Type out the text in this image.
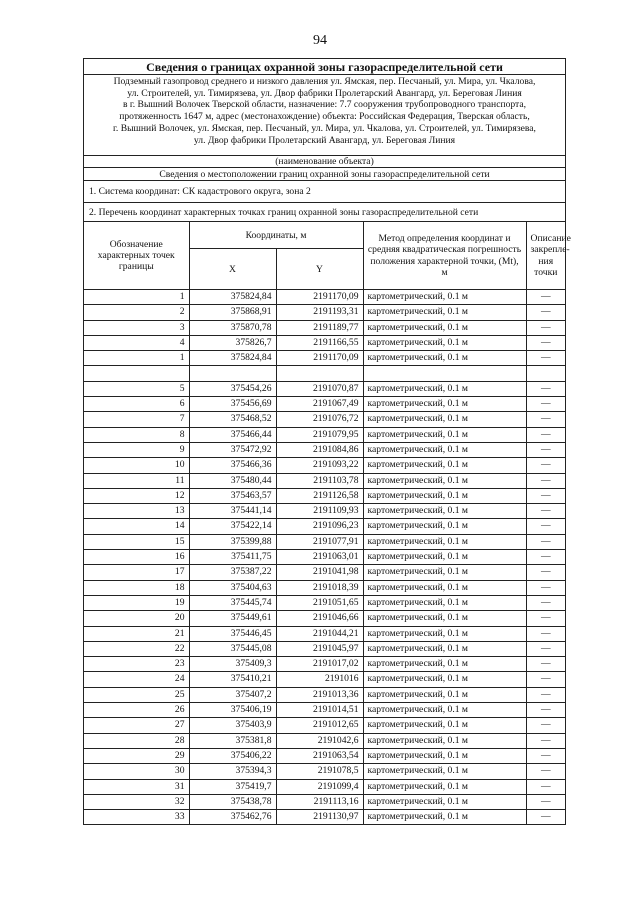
94
Сведения о границах охранной зоны газораспределительной сети
Подземный газопровод среднего и низкого давления ул. Ямская, пер. Песчаный, ул. Мира, ул. Чкалова,
ул. Строителей, ул. Тимирязева, ул. Двор фабрики Пролетарский Авангард, ул. Береговая Линия
в г. Вышний Волочек Тверской области, назначение: 7.7 сооружения трубопроводного транспорта,
протяженность 1647 м, адрес (местонахождение) объекта: Российская Федерация, Тверская область,
г. Вышний Волочек, ул. Ямская, пер. Песчаный, ул. Мира, ул. Чкалова, ул. Строителей, ул. Тимирязева,
ул. Двор фабрики Пролетарский Авангард, ул. Береговая Линия
(наименование объекта)
Сведения о местоположении границ охранной зоны газораспределительной сети
1. Система координат: СК кадастрового округа, зона 2
2. Перечень координат характерных точках границ охранной зоны газораспределительной сети
Обозначение характерных точек границы	Координаты, м		Метод определения координат и средняя квадратическая погрешность положения характерной точки, (Mt), м	Описание закрепле-ния точки
	X	Y		
1	375824,84	2191170,09	картометрический, 0.1 м	—
2	375868,91	2191193,31	картометрический, 0.1 м	—
3	375870,78	2191189,77	картометрический, 0.1 м	—
4	375826,7	2191166,55	картометрический, 0.1 м	—
1	375824,84	2191170,09	картометрический, 0.1 м	—

5	375454,26	2191070,87	картометрический, 0.1 м	—
6	375456,69	2191067,49	картометрический, 0.1 м	—
7	375468,52	2191076,72	картометрический, 0.1 м	—
8	375466,44	2191079,95	картометрический, 0.1 м	—
9	375472,92	2191084,86	картометрический, 0.1 м	—
10	375466,36	2191093,22	картометрический, 0.1 м	—
11	375480,44	2191103,78	картометрический, 0.1 м	—
12	375463,57	2191126,58	картометрический, 0.1 м	—
13	375441,14	2191109,93	картометрический, 0.1 м	—
14	375422,14	2191096,23	картометрический, 0.1 м	—
15	375399,88	2191077,91	картометрический, 0.1 м	—
16	375411,75	2191063,01	картометрический, 0.1 м	—
17	375387,22	2191041,98	картометрический, 0.1 м	—
18	375404,63	2191018,39	картометрический, 0.1 м	—
19	375445,74	2191051,65	картометрический, 0.1 м	—
20	375449,61	2191046,66	картометрический, 0.1 м	—
21	375446,45	2191044,21	картометрический, 0.1 м	—
22	375445,08	2191045,97	картометрический, 0.1 м	—
23	375409,3	2191017,02	картометрический, 0.1 м	—
24	375410,21	2191016	картометрический, 0.1 м	—
25	375407,2	2191013,36	картометрический, 0.1 м	—
26	375406,19	2191014,51	картометрический, 0.1 м	—
27	375403,9	2191012,65	картометрический, 0.1 м	—
28	375381,8	2191042,6	картометрический, 0.1 м	—
29	375406,22	2191063,54	картометрический, 0.1 м	—
30	375394,3	2191078,5	картометрический, 0.1 м	—
31	375419,7	2191099,4	картометрический, 0.1 м	—
32	375438,78	2191113,16	картометрический, 0.1 м	—
33	375462,76	2191130,97	картометрический, 0.1 м	—
